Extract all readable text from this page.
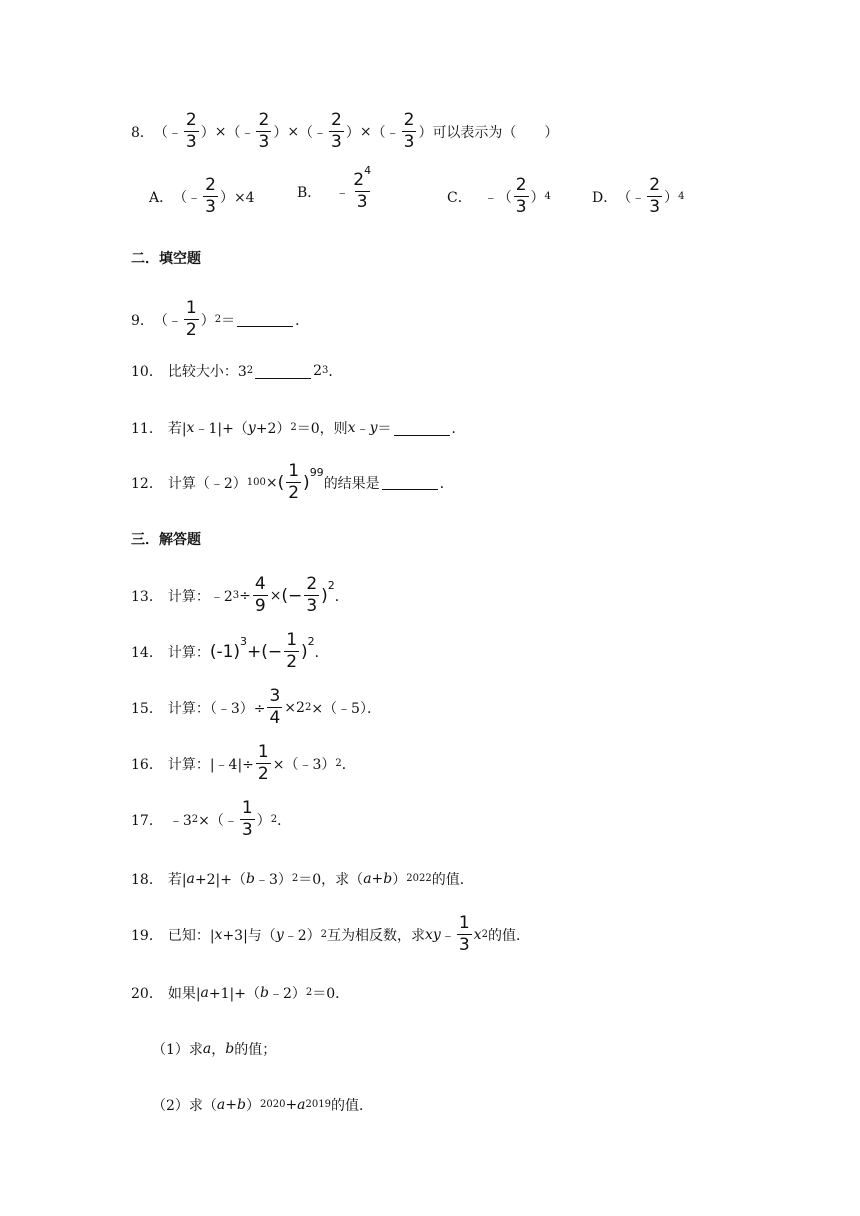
8． （﹣ $\frac{2}{3}$ ） × （﹣ $\frac{2}{3}$ ） × （﹣ $\frac{2}{3}$ ） × （﹣ $\frac{2}{3}$ ） 可以表示为（　　）
A． （﹣ $\frac{2}{3} )\times 4$	B． ﹣ $\frac{2^4}{3}$	C． ﹣（ $\frac{2}{3}$ ） 4	D． （﹣ $\frac{2}{3}$ ） 4
二．填空题
9． （﹣ $\frac{1}{2}$ ） 2 ＝	．
10． 比较大小：3 2	2 3 ．
11． 若| x ﹣1|+（ y +2） 2 ＝0，则 x ﹣ y ＝	．
12． 计算（﹣2） 100 × ( $\frac{1}{2}$ ) 99
的结果是	．
三．解答题
13． 计算：﹣2 $3 \div \frac{4}{9}$ × (− $\frac{2}{3}$ ) 2
．
14． 计算： (-1) 3 + (− $\frac{1}{2}$ ) 2
．
15． 计算：（﹣3）÷ $\frac{3}{4} \times 2$ 2 ×（﹣5）．
16． 计算：|﹣4|÷ $\frac{1}{2}$ ×（﹣3） 2 ．
17． ﹣3 2 ×（﹣ $\frac{1}{3}$ ） 2 ．
18． 若| a +2|+（ b ﹣3） 2 ＝0，求（ a + b ） 2022 的值．
19． 已知：| x +3|与（ y ﹣2） 2 互为相反数，求 xy ﹣ $\frac{1}{3}$ x 2 的值．
20． 如果| a +1|+（ b ﹣2） 2 ＝0．
（1）求 a ， b 的值；
（2）求（ a + b ） 2020 + a 2019 的值．
